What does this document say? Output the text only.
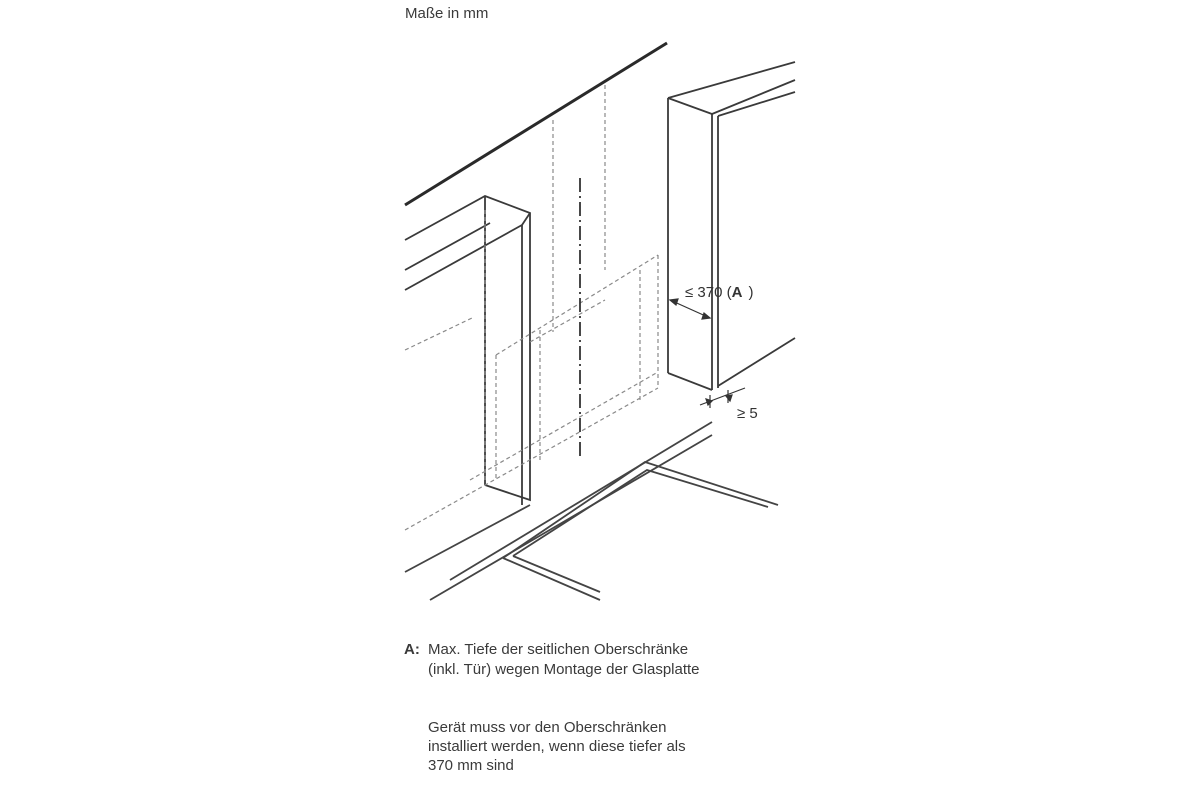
Maße in mm
≤ 370 (A )
≥ 5
A: Max. Tiefe der seitlichen Oberschränke
(inkl. Tür) wegen Montage der Glasplatte
Gerät muss vor den Oberschränken
installiert werden, wenn diese tiefer als
370 mm sind
